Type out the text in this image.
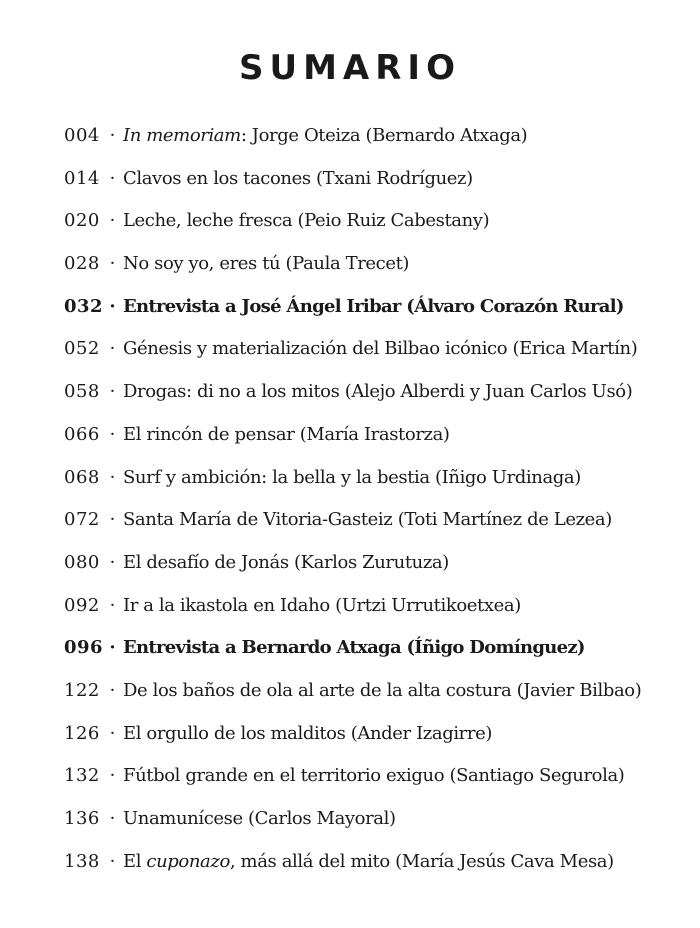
SUMARIO
004 · In memoriam: Jorge Oteiza (Bernardo Atxaga)
014 · Clavos en los tacones (Txani Rodríguez)
020 · Leche, leche fresca (Peio Ruiz Cabestany)
028 · No soy yo, eres tú (Paula Trecet)
032 · Entrevista a José Ángel Iribar (Álvaro Corazón Rural)
052 · Génesis y materialización del Bilbao icónico (Erica Martín)
058 · Drogas: di no a los mitos (Alejo Alberdi y Juan Carlos Usó)
066 · El rincón de pensar (María Irastorza)
068 · Surf y ambición: la bella y la bestia (Iñigo Urdinaga)
072 · Santa María de Vitoria-Gasteiz (Toti Martínez de Lezea)
080 · El desafío de Jonás (Karlos Zurutuza)
092 · Ir a la ikastola en Idaho (Urtzi Urrutikoetxea)
096 · Entrevista a Bernardo Atxaga (Íñigo Domínguez)
122 · De los baños de ola al arte de la alta costura (Javier Bilbao)
126 · El orgullo de los malditos (Ander Izagirre)
132 · Fútbol grande en el territorio exiguo (Santiago Segurola)
136 · Unamunícese (Carlos Mayoral)
138 · El cuponazo, más allá del mito (María Jesús Cava Mesa)
